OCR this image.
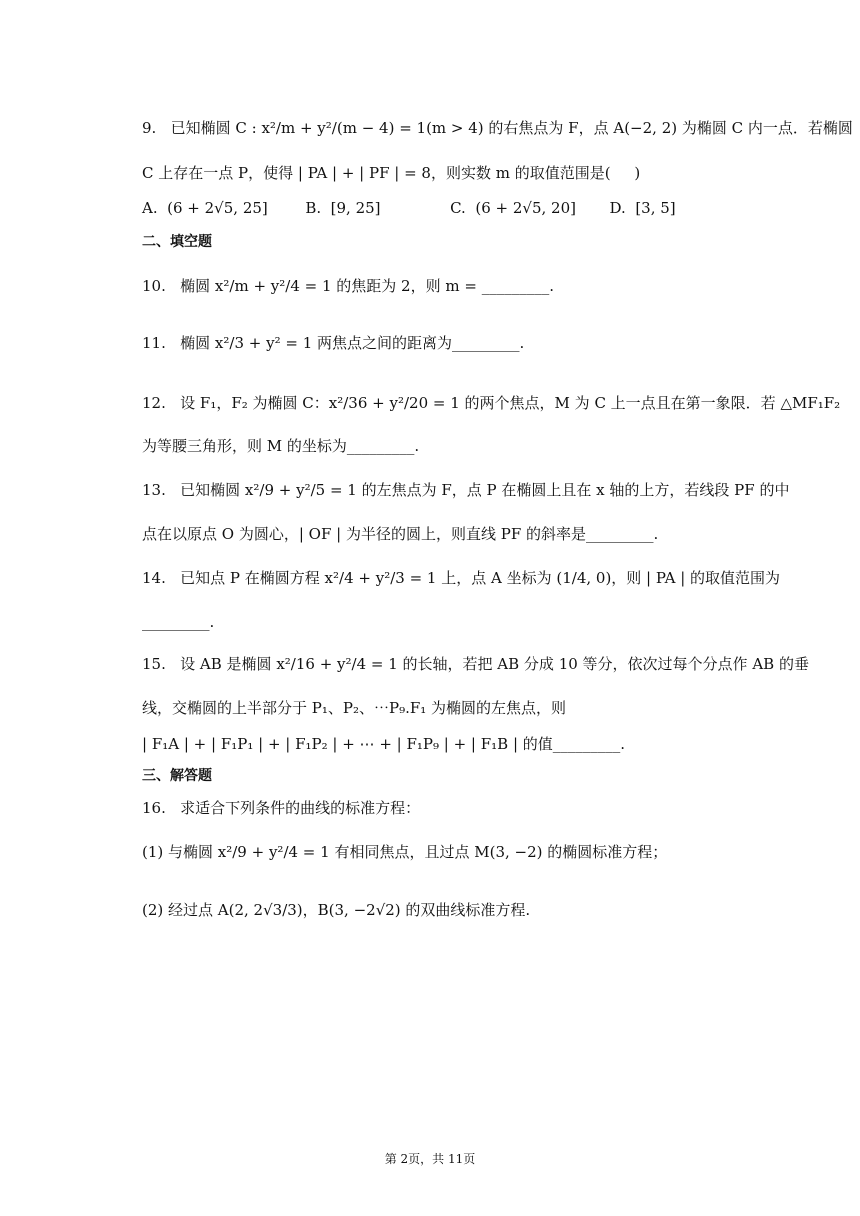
9.   已知椭圆 C : x²/m + y²/(m − 4) = 1(m > 4) 的右焦点为 F，点 A(−2, 2) 为椭圆 C 内一点．若椭圆
C 上存在一点 P，使得 | PA | + | PF | = 8，则实数 m 的取值范围是(     )
A.  (6 + 2√5, 25]	B.  [9, 25]	C.  (6 + 2√5, 20] D.  [3, 5]
二、填空题
10.   椭圆 x²/m + y²/4 = 1 的焦距为 2，则 m = _________.
11.   椭圆 x²/3 + y² = 1 两焦点之间的距离为_________.
12.   设 F₁，F₂ 为椭圆 C：x²/36 + y²/20 = 1 的两个焦点，M 为 C 上一点且在第一象限．若 △MF₁F₂
为等腰三角形，则 M 的坐标为_________.
13.   已知椭圆 x²/9 + y²/5 = 1 的左焦点为 F，点 P 在椭圆上且在 x 轴的上方，若线段 PF 的中
点在以原点 O 为圆心，| OF | 为半径的圆上，则直线 PF 的斜率是_________.
14.   已知点 P 在椭圆方程 x²/4 + y²/3 = 1 上，点 A 坐标为 (1/4, 0)，则 | PA | 的取值范围为
_________.
15.   设 AB 是椭圆 x²/16 + y²/4 = 1 的长轴，若把 AB 分成 10 等分，依次过每个分点作 AB 的垂
线，交椭圆的上半部分于 P₁、P₂、⋯P₉.F₁ 为椭圆的左焦点，则
| F₁A | + | F₁P₁ | + | F₁P₂ | + ⋯ + | F₁P₉ | + | F₁B | 的值_________.
三、解答题
16.   求适合下列条件的曲线的标准方程：
(1) 与椭圆 x²/9 + y²/4 = 1 有相同焦点，且过点 M(3, −2) 的椭圆标准方程；
(2) 经过点 A(2, 2√3/3)，B(3, −2√2) 的双曲线标准方程.
第 2页，共 11页
